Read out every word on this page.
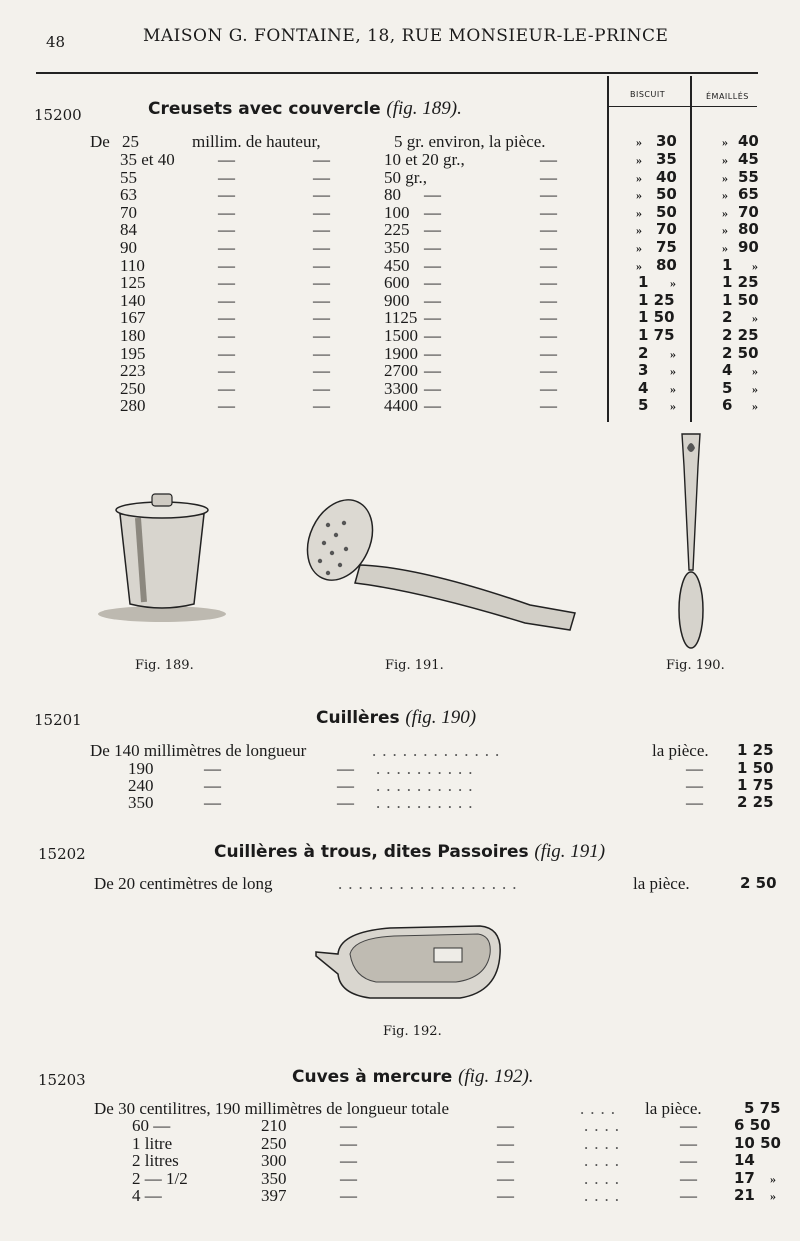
48	MAISON G. FONTAINE, 18, RUE MONSIEUR-LE-PRINCE
BISCUIT	ÉMAILLÉS
15200	Creusets avec couvercle (fig. 189).
De 25	millim. de hauteur,	5 gr. environ, la pièce.	» 30	» 40
35 et 40	—	—	10 et 20 gr.,	—	» 35	» 45
55	—	—	50 gr.,	—	» 40	» 55
63	—	—	80 —	—	» 50	» 65
70	—	—	100 —	—	» 50	» 70
84	—	—	225 —	—	» 70	» 80
90	—	—	350 —	—	» 75	» 90
110	—	—	450 —	—	» 80	1 »
125	—	—	600 —	—	1 »	1 25
140	—	—	900 —	—	1 25	1 50
167	—	—	1125 —	—	1 50	2 »
180	—	—	1500 —	—	1 75	2 25
195	—	—	1900 —	—	2 »	2 50
223	—	—	2700 —	—	3 »	4 »
250	—	—	3300 —	—	4 »	5 »
280	—	—	4400 —	—	5 »	6 »
Fig. 189.	Fig. 191.	Fig. 190.
15201	Cuillères (fig. 190)
De 140 millimètres de longueur	.............	la pièce. 1 25
190	—	— ..........	— 1 50
240	—	— ..........	— 1 75
350	—	— ..........	— 2 25
15202	Cuillères à trous, dites Passoires (fig. 191)
De 20 centimètres de long	..................	la pièce.	2 50
Fig. 192.
15203	Cuves à mercure (fig. 192).
De 30 centilitres, 190 millimètres de longueur totale	.... la pièce.	5 75
60 —	210	—	—	....	— 6 50
1 litre	250	—	—	....	— 10 50
2 litres	300	—	—	....	— 14
2 — 1/2	350	—	—	....	— 17 »
4 —	397	—	—	....	— 21 »
